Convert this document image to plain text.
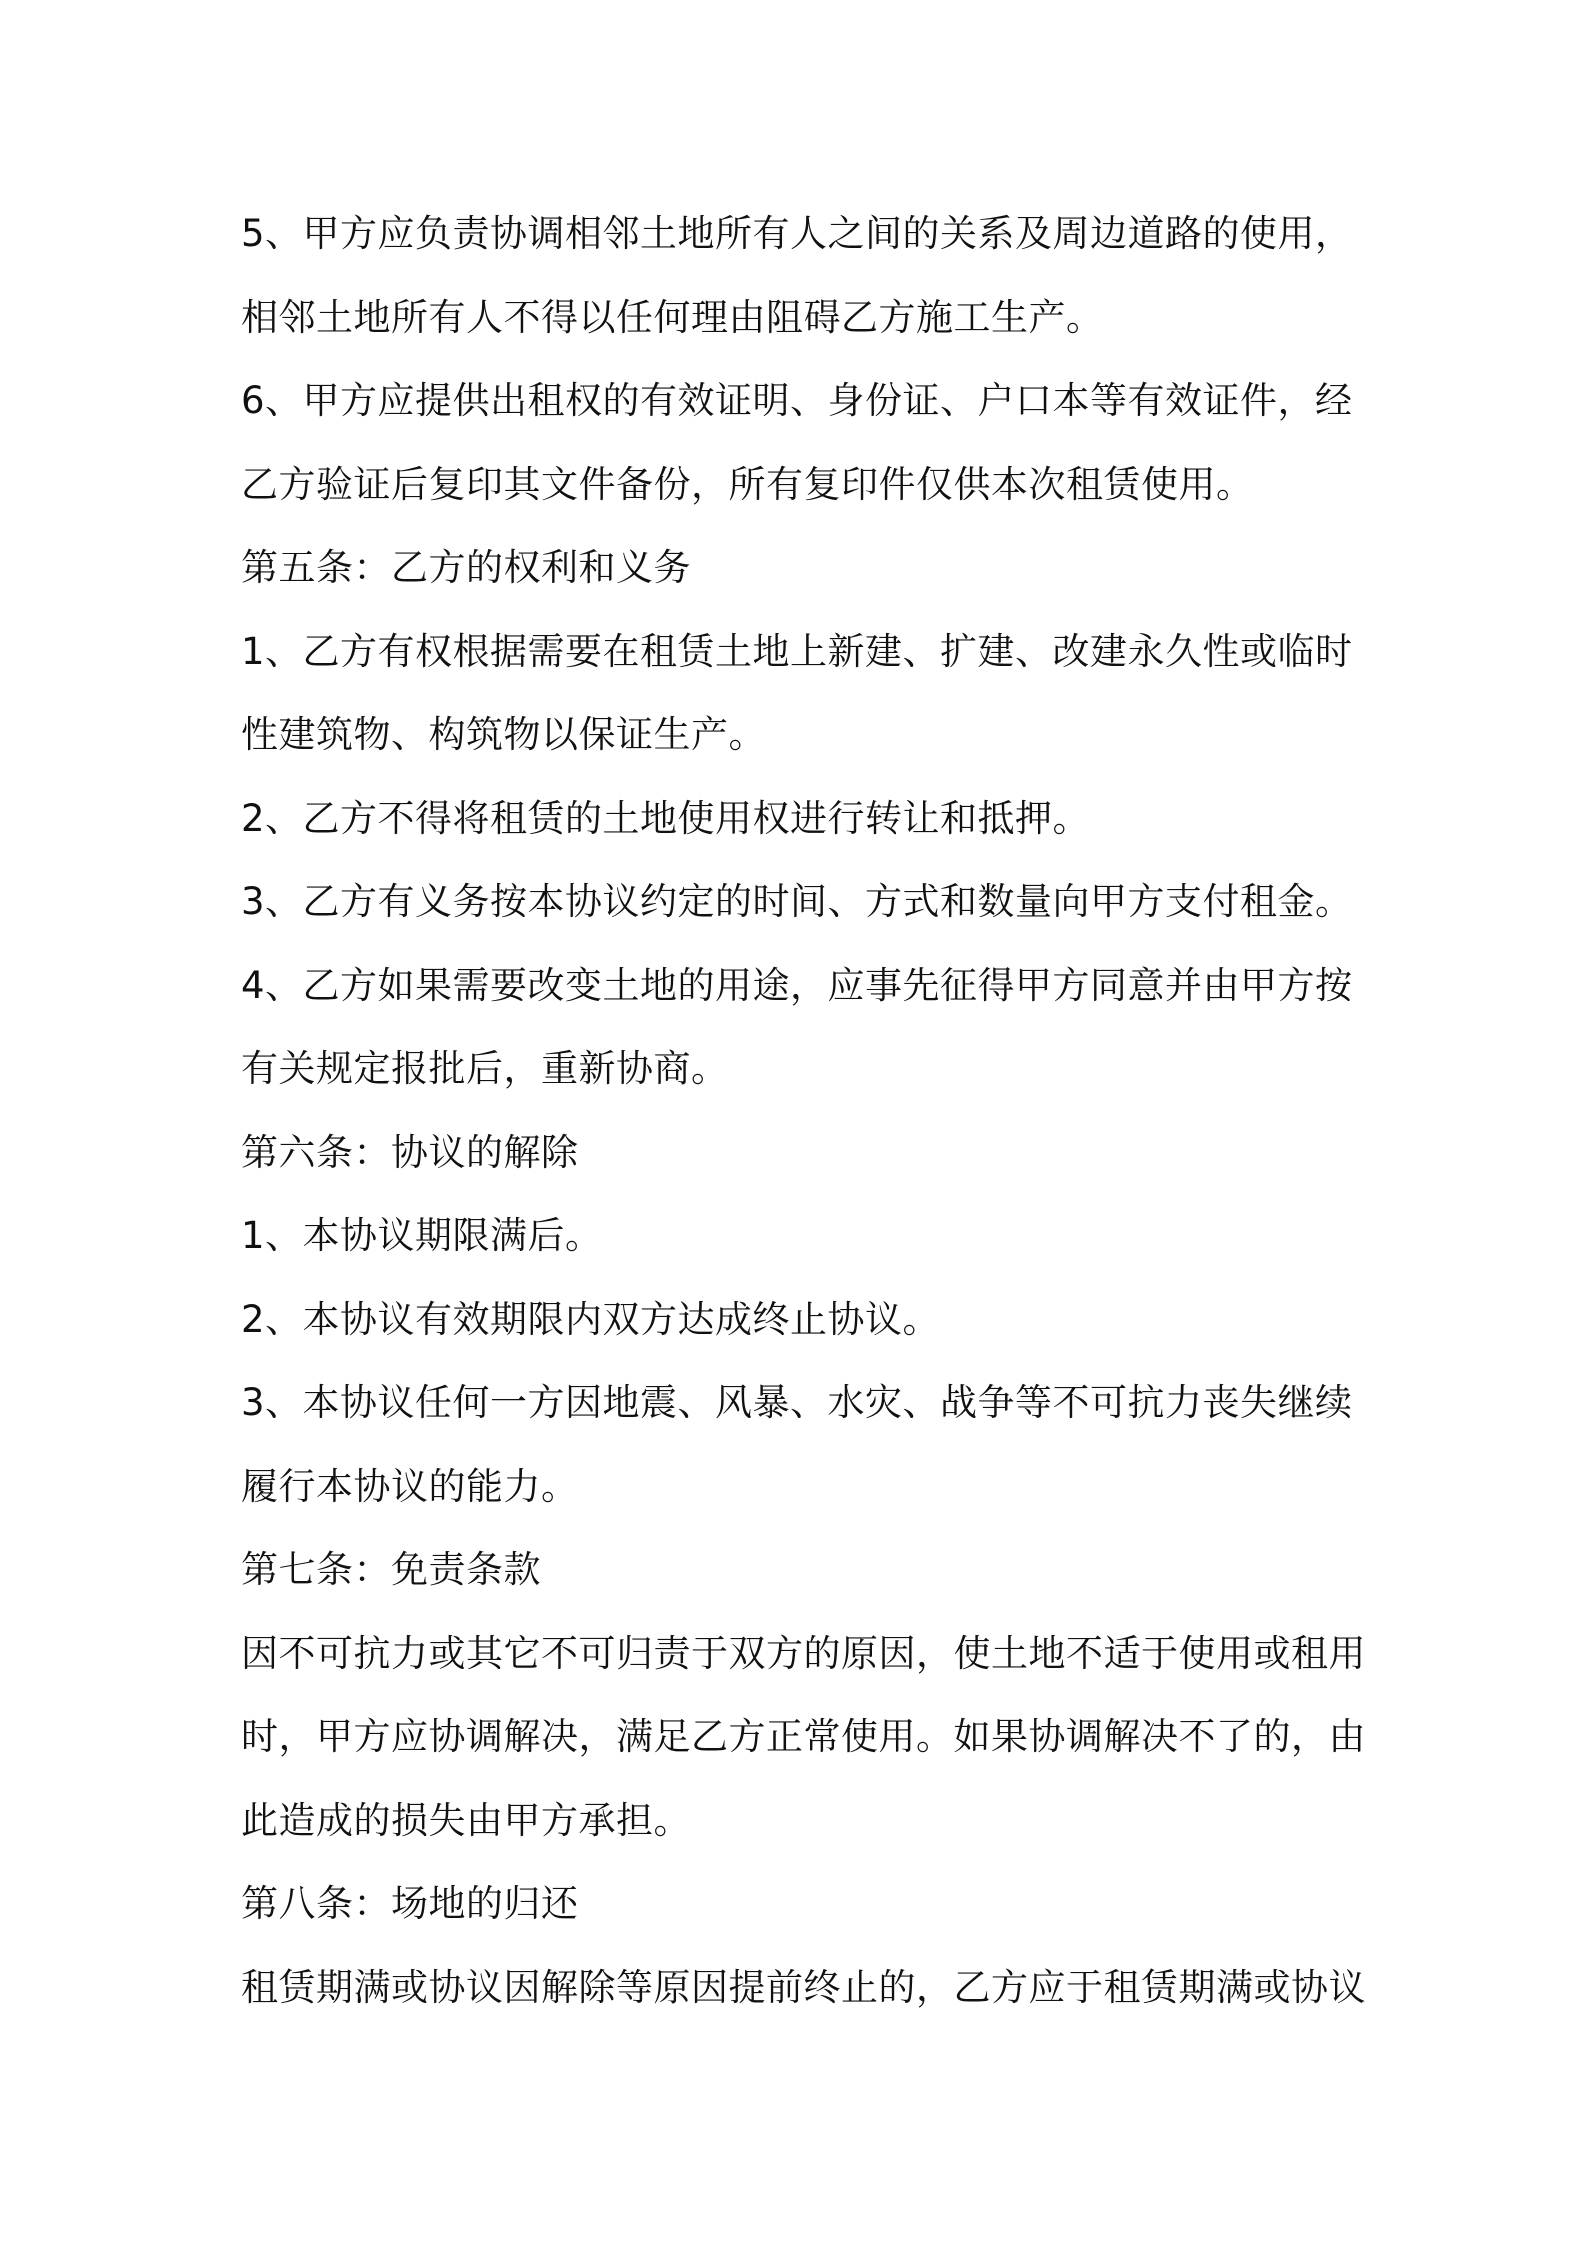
5、甲方应负责协调相邻土地所有人之间的关系及周边道路的使用，
相邻土地所有人不得以任何理由阻碍乙方施工生产。
6、甲方应提供出租权的有效证明、身份证、户口本等有效证件，经
乙方验证后复印其文件备份，所有复印件仅供本次租赁使用。
第五条：乙方的权利和义务
1、乙方有权根据需要在租赁土地上新建、扩建、改建永久性或临时
性建筑物、构筑物以保证生产。
2、乙方不得将租赁的土地使用权进行转让和抵押。
3、乙方有义务按本协议约定的时间、方式和数量向甲方支付租金。
4、乙方如果需要改变土地的用途，应事先征得甲方同意并由甲方按
有关规定报批后，重新协商。
第六条：协议的解除
1、本协议期限满后。
2、本协议有效期限内双方达成终止协议。
3、本协议任何一方因地震、风暴、水灾、战争等不可抗力丧失继续
履行本协议的能力。
第七条：免责条款
因不可抗力或其它不可归责于双方的原因，使土地不适于使用或租用
时，甲方应协调解决，满足乙方正常使用。如果协调解决不了的，由
此造成的损失由甲方承担。
第八条：场地的归还
租赁期满或协议因解除等原因提前终止的，乙方应于租赁期满或协议
